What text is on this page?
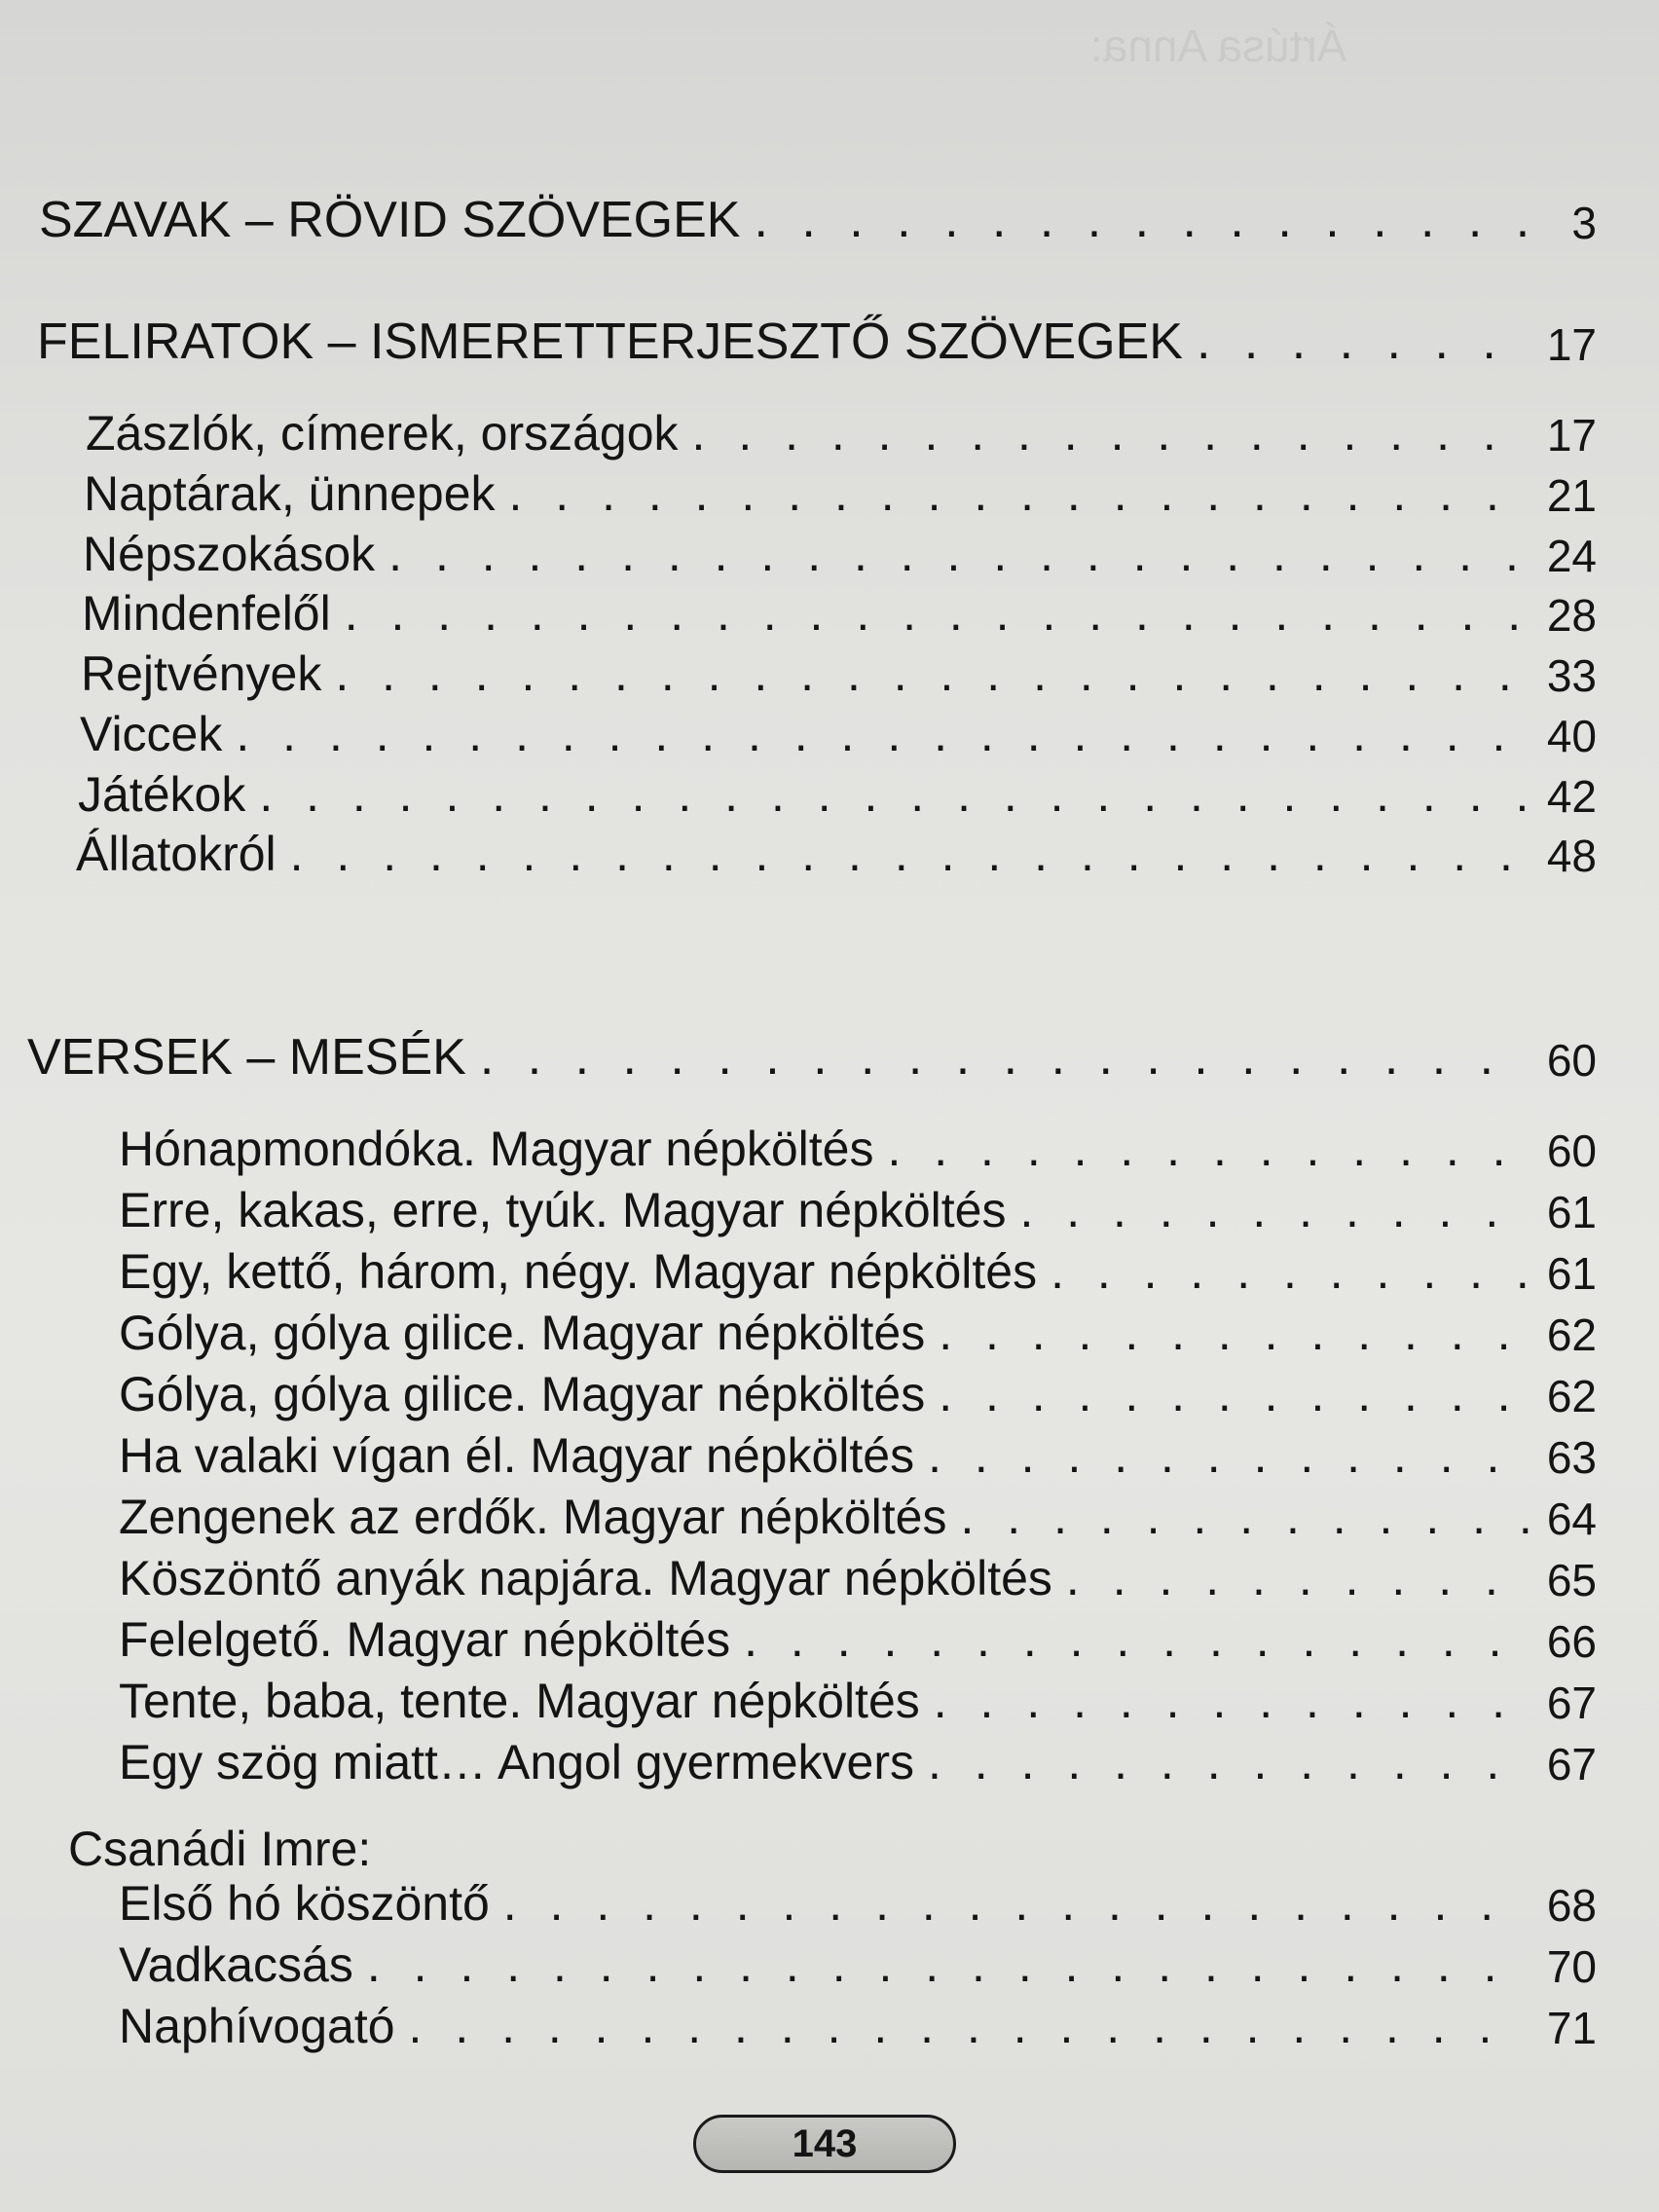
Ártúsa Anna:
SZAVAK – RÖVID SZÖVEGEK . . .	3
FELIRATOK – ISMERETTERJESZTŐ SZÖVEGEK . . .	17
Zászlók, címerek, országok . . .	17
Naptárak, ünnepek . . .	21
Népszokások . . .	24
Mindenfelől . . .	28
Rejtvények . . .	33
Viccek . . .	40
Játékok . . .	42
Állatokról . . .	48
VERSEK – MESÉK . . .	60
Hónapmondóka. Magyar népköltés . . .	60
Erre, kakas, erre, tyúk. Magyar népköltés . . .	61
Egy, kettő, három, négy. Magyar népköltés . . .	61
Gólya, gólya gilice. Magyar népköltés . . .	62
Gólya, gólya gilice. Magyar népköltés . . .	62
Ha valaki vígan él. Magyar népköltés . . .	63
Zengenek az erdők. Magyar népköltés . . .	64
Köszöntő anyák napjára. Magyar népköltés . . .	65
Felelgető. Magyar népköltés . . .	66
Tente, baba, tente. Magyar népköltés . . .	67
Egy szög miatt… Angol gyermekvers . . .	67
Csanádi Imre:
Első hó köszöntő . . .	68
Vadkacsás . . .	70
Naphívogató . . .	71
143
